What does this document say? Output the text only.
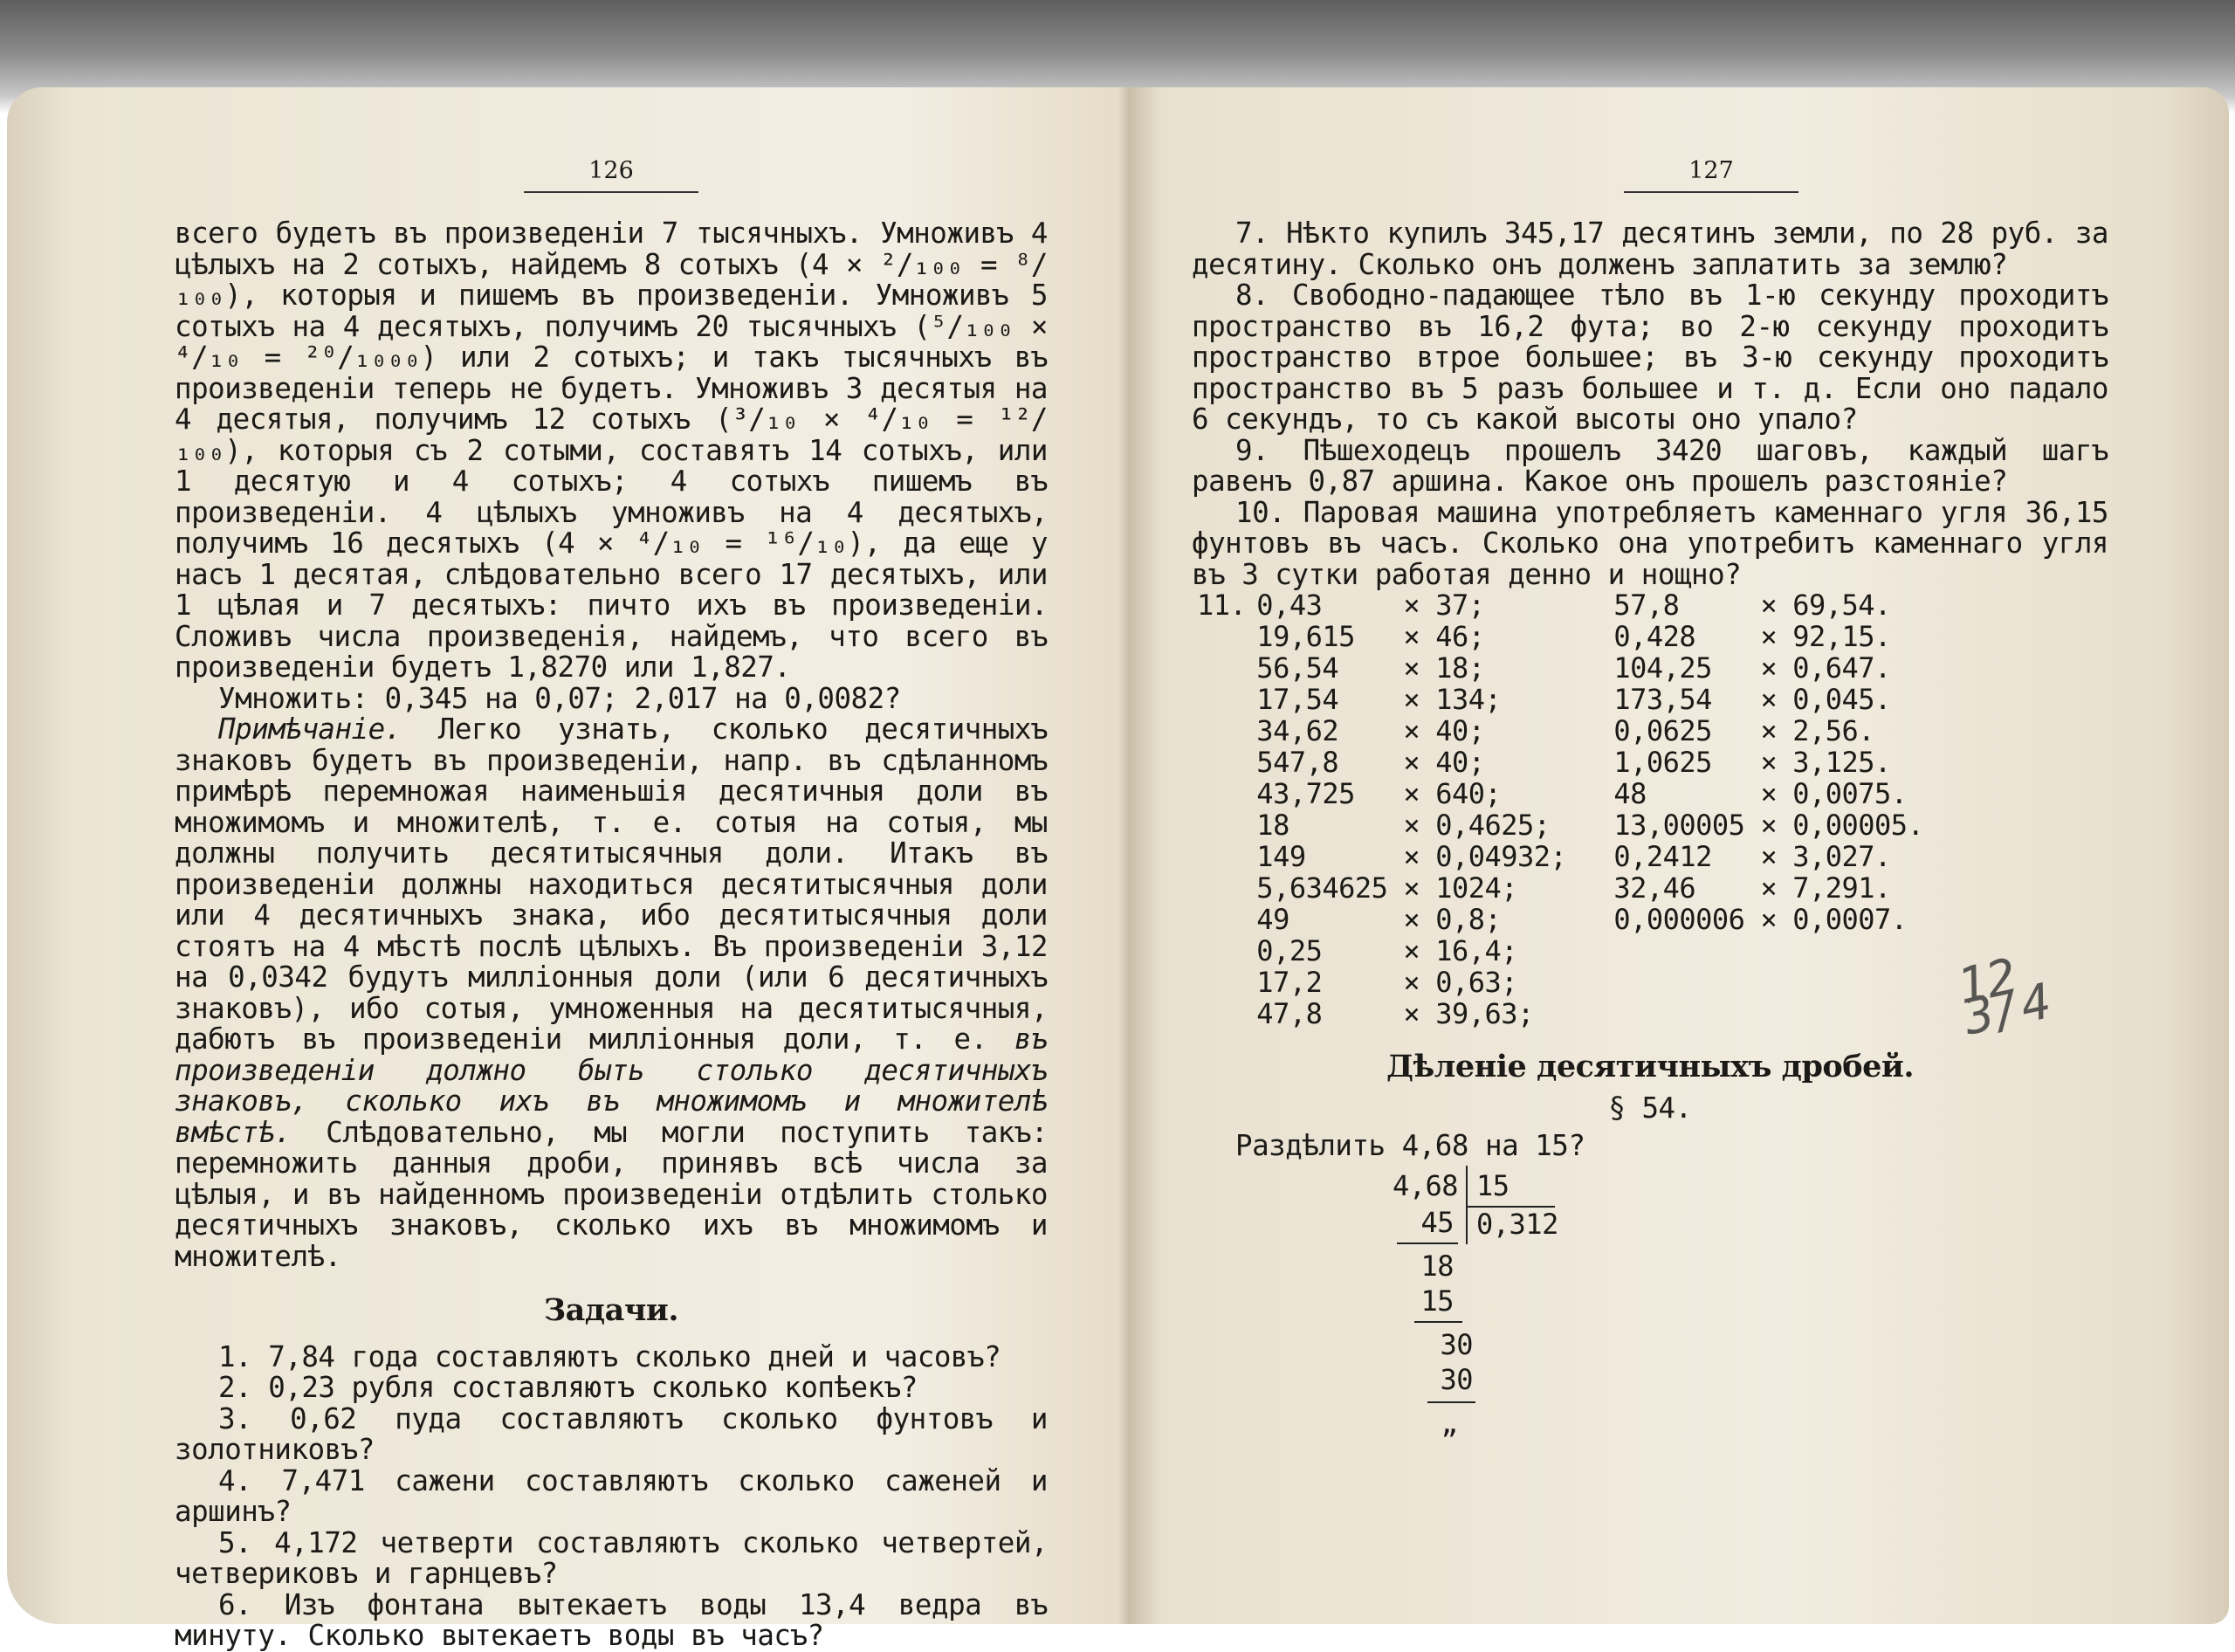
126

всего будетъ въ произведенiи 7 тысячныхъ. Умноживъ 4 цѣлыхъ на 2 сотыхъ, найдемъ 8 сотыхъ (4 × ²/₁₀₀ = ⁸/₁₀₀), которыя и пишемъ въ произведенiи. Умноживъ 5 сотыхъ на 4 десятыхъ, получимъ 20 тысячныхъ (⁵/₁₀₀ × ⁴/₁₀ = ²⁰/₁₀₀₀) или 2 сотыхъ; и такъ тысячныхъ въ произведенiи теперь не будетъ. Умноживъ 3 десятыя на 4 десятыя, получимъ 12 сотыхъ (³/₁₀ × ⁴/₁₀ = ¹²/₁₀₀), которыя съ 2 сотыми, составятъ 14 сотыхъ, или 1 десятую и 4 сотыхъ; 4 сотыхъ пишемъ въ произведенiи. 4 цѣлыхъ умноживъ на 4 десятыхъ, получимъ 16 десятыхъ (4 × ⁴/₁₀ = ¹⁶/₁₀), да еще у насъ 1 десятая, слѣдовательно всего 17 десятыхъ, или 1 цѣлая и 7 десятыхъ: пичто ихъ въ произведенiи. Сложивъ числа произведенiя, найдемъ, что всего въ произведенiи будетъ 1,8270 или 1,827.

Умножить: 0,345 на 0,07; 2,017 на 0,0082?

Примѣчанiе. Легко узнать, сколько десятичныхъ знаковъ будетъ въ произведенiи, напр. въ сдѣланномъ примѣрѣ перемножая наименьшiя десятичныя доли въ множимомъ и множителѣ, т. е. сотыя на сотыя, мы должны получить десятитысячныя доли. Итакъ въ произведенiи должны находиться десятитысячныя доли или 4 десятичныхъ знака, ибо десятитысячныя доли стоятъ на 4 мѣстѣ послѣ цѣлыхъ. Въ произведенiи 3,12 на 0,0342 будутъ милліонныя доли (или 6 десятичныхъ знаковъ), ибо сотыя, умноженныя на десятитысячныя, дабютъ въ произведенiи милліонныя доли, т. е. въ произведенiи должно быть столько десятичныхъ знаковъ, сколько ихъ въ множимомъ и множителѣ вмѣстѣ. Слѣдовательно, мы могли поступить такъ: перемножить данныя дроби, принявъ всѣ числа за цѣлыя, и въ найденномъ произведенiи отдѣлить столько десятичныхъ знаковъ, сколько ихъ въ множимомъ и множителѣ.

Задачи.

1. 7,84 года составляютъ сколько дней и часовъ?

2. 0,23 рубля составляютъ сколько копѣекъ?

3. 0,62 пуда составляютъ сколько фунтовъ и золотниковъ?

4. 7,471 сажени составляютъ сколько саженей и аршинъ?

5. 4,172 четверти составляютъ сколько четвертей, четвериковъ и гарнцевъ?

6. Изъ фонтана вытекаетъ воды 13,4 ведра въ минуту. Сколько вытекаетъ воды въ часъ?

127

7. Нѣкто купилъ 345,17 десятинъ земли, по 28 руб. за десятину. Сколько онъ долженъ заплатить за землю?

8. Свободно-падающее тѣло въ 1-ю секунду проходитъ пространство въ 16,2 фута; во 2-ю секунду проходитъ пространство втрое большее; въ 3-ю секунду проходитъ пространство въ 5 разъ большее и т. д. Если оно падало 6 секундъ, то съ какой высоты оно упало?

9. Пѣшеходецъ прошелъ 3420 шаговъ, каждый шагъ равенъ 0,87 аршина. Какое онъ прошелъ разстоянiе?

10. Паровая машина употребляетъ каменнаго угля 36,15 фунтовъ въ часъ. Сколько она употребитъ каменнаго угля въ 3 сутки работая денно и нощно?

11.	0,43	×	37;		57,8	×	69,54.
	19,615	×	46;		0,428	×	92,15.
	56,54	×	18;		104,25	×	0,647.
	17,54	×	134;		173,54	×	0,045.
	34,62	×	40;		0,0625	×	2,56.
	547,8	×	40;		1,0625	×	3,125.
	43,725	×	640;		48	×	0,0075.
	18	×	0,4625;		13,00005	×	0,00005.
	149	×	0,04932;		0,2412	×	3,027.
	5,634625	×	1024;		32,46	×	7,291.
	49	×	0,8;		0,000006	×	0,0007.
	0,25	×	16,4;				
	17,2	×	0,63;				
	47,8	×	39,63;					12 3/4
Дѣленiе десятичныхъ дробей.
§ 54.

Раздѣлить 4,68 на 15?

4,68 15
45 0,312
18
15
30
30
„
